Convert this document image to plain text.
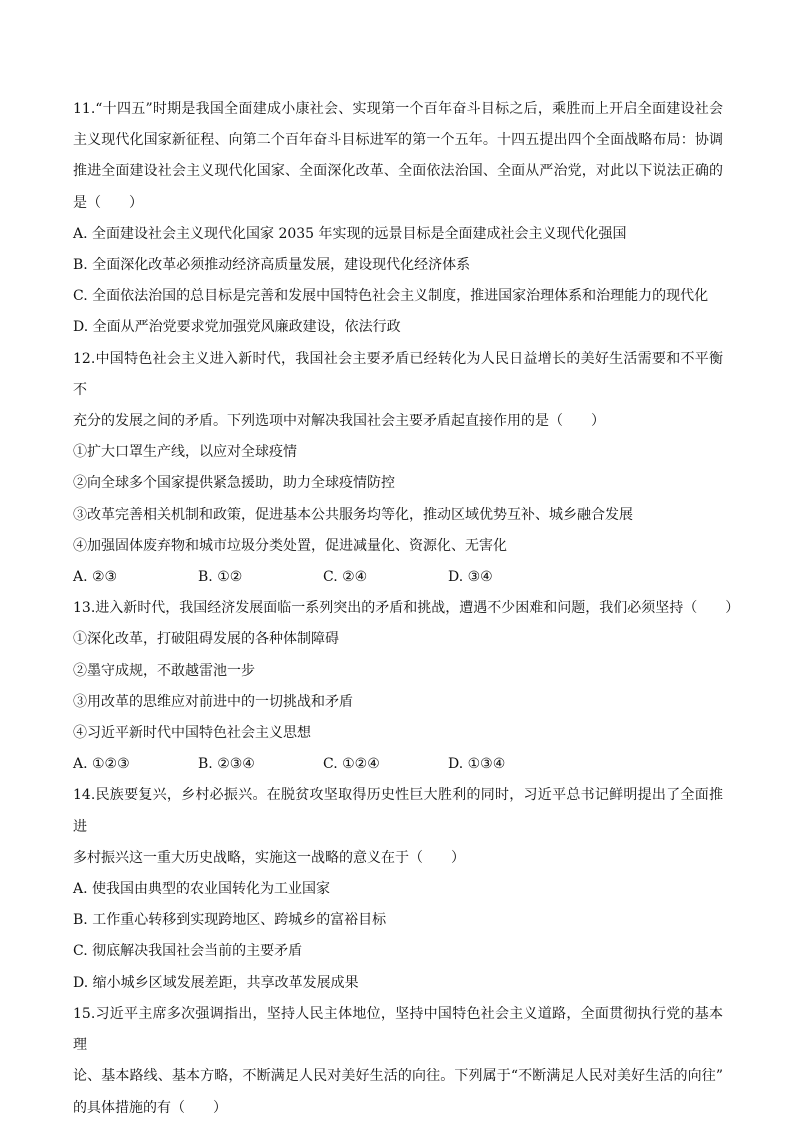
11.“十四五”时期是我国全面建成小康社会、实现第一个百年奋斗目标之后，乘胜而上开启全面建设社会
主义现代化国家新征程、向第二个百年奋斗目标进军的第一个五年。十四五提出四个全面战略布局：协调
推进全面建设社会主义现代化国家、全面深化改革、全面依法治国、全面从严治党，对此以下说法正确的
是（　　）
A. 全面建设社会主义现代化国家 2035 年实现的远景目标是全面建成社会主义现代化强国
B. 全面深化改革必须推动经济高质量发展，建设现代化经济体系
C. 全面依法治国的总目标是完善和发展中国特色社会主义制度，推进国家治理体系和治理能力的现代化
D. 全面从严治党要求党加强党风廉政建设，依法行政
12.中国特色社会主义进入新时代，我国社会主要矛盾已经转化为人民日益增长的美好生活需要和不平衡不
充分的发展之间的矛盾。下列选项中对解决我国社会主要矛盾起直接作用的是（　　）
①扩大口罩生产线，以应对全球疫情
②向全球多个国家提供紧急援助，助力全球疫情防控
③改革完善相关机制和政策，促进基本公共服务均等化，推动区域优势互补、城乡融合发展
④加强固体废弃物和城市垃圾分类处置，促进减量化、资源化、无害化
A. ②③	B. ①②	C. ②④	D. ③④
13.进入新时代，我国经济发展面临一系列突出的矛盾和挑战，遭遇不少困难和问题，我们必须坚持（　　）
①深化改革，打破阻碍发展的各种体制障碍
②墨守成规，不敢越雷池一步
③用改革的思维应对前进中的一切挑战和矛盾
④习近平新时代中国特色社会主义思想
A. ①②③	B. ②③④	C. ①②④	D. ①③④
14.民族要复兴，乡村必振兴。在脱贫攻坚取得历史性巨大胜利的同时，习近平总书记鲜明提出了全面推进
多村振兴这一重大历史战略，实施这一战略的意义在于（　　）
A. 使我国由典型的农业国转化为工业国家
B. 工作重心转移到实现跨地区、跨城乡的富裕目标
C. 彻底解决我国社会当前的主要矛盾
D. 缩小城乡区域发展差距，共享改革发展成果
15.习近平主席多次强调指出，坚持人民主体地位，坚持中国特色社会主义道路，全面贯彻执行党的基本理
论、基本路线、基本方略，不断满足人民对美好生活的向往。下列属于“不断满足人民对美好生活的向往”
的具体措施的有（　　）
